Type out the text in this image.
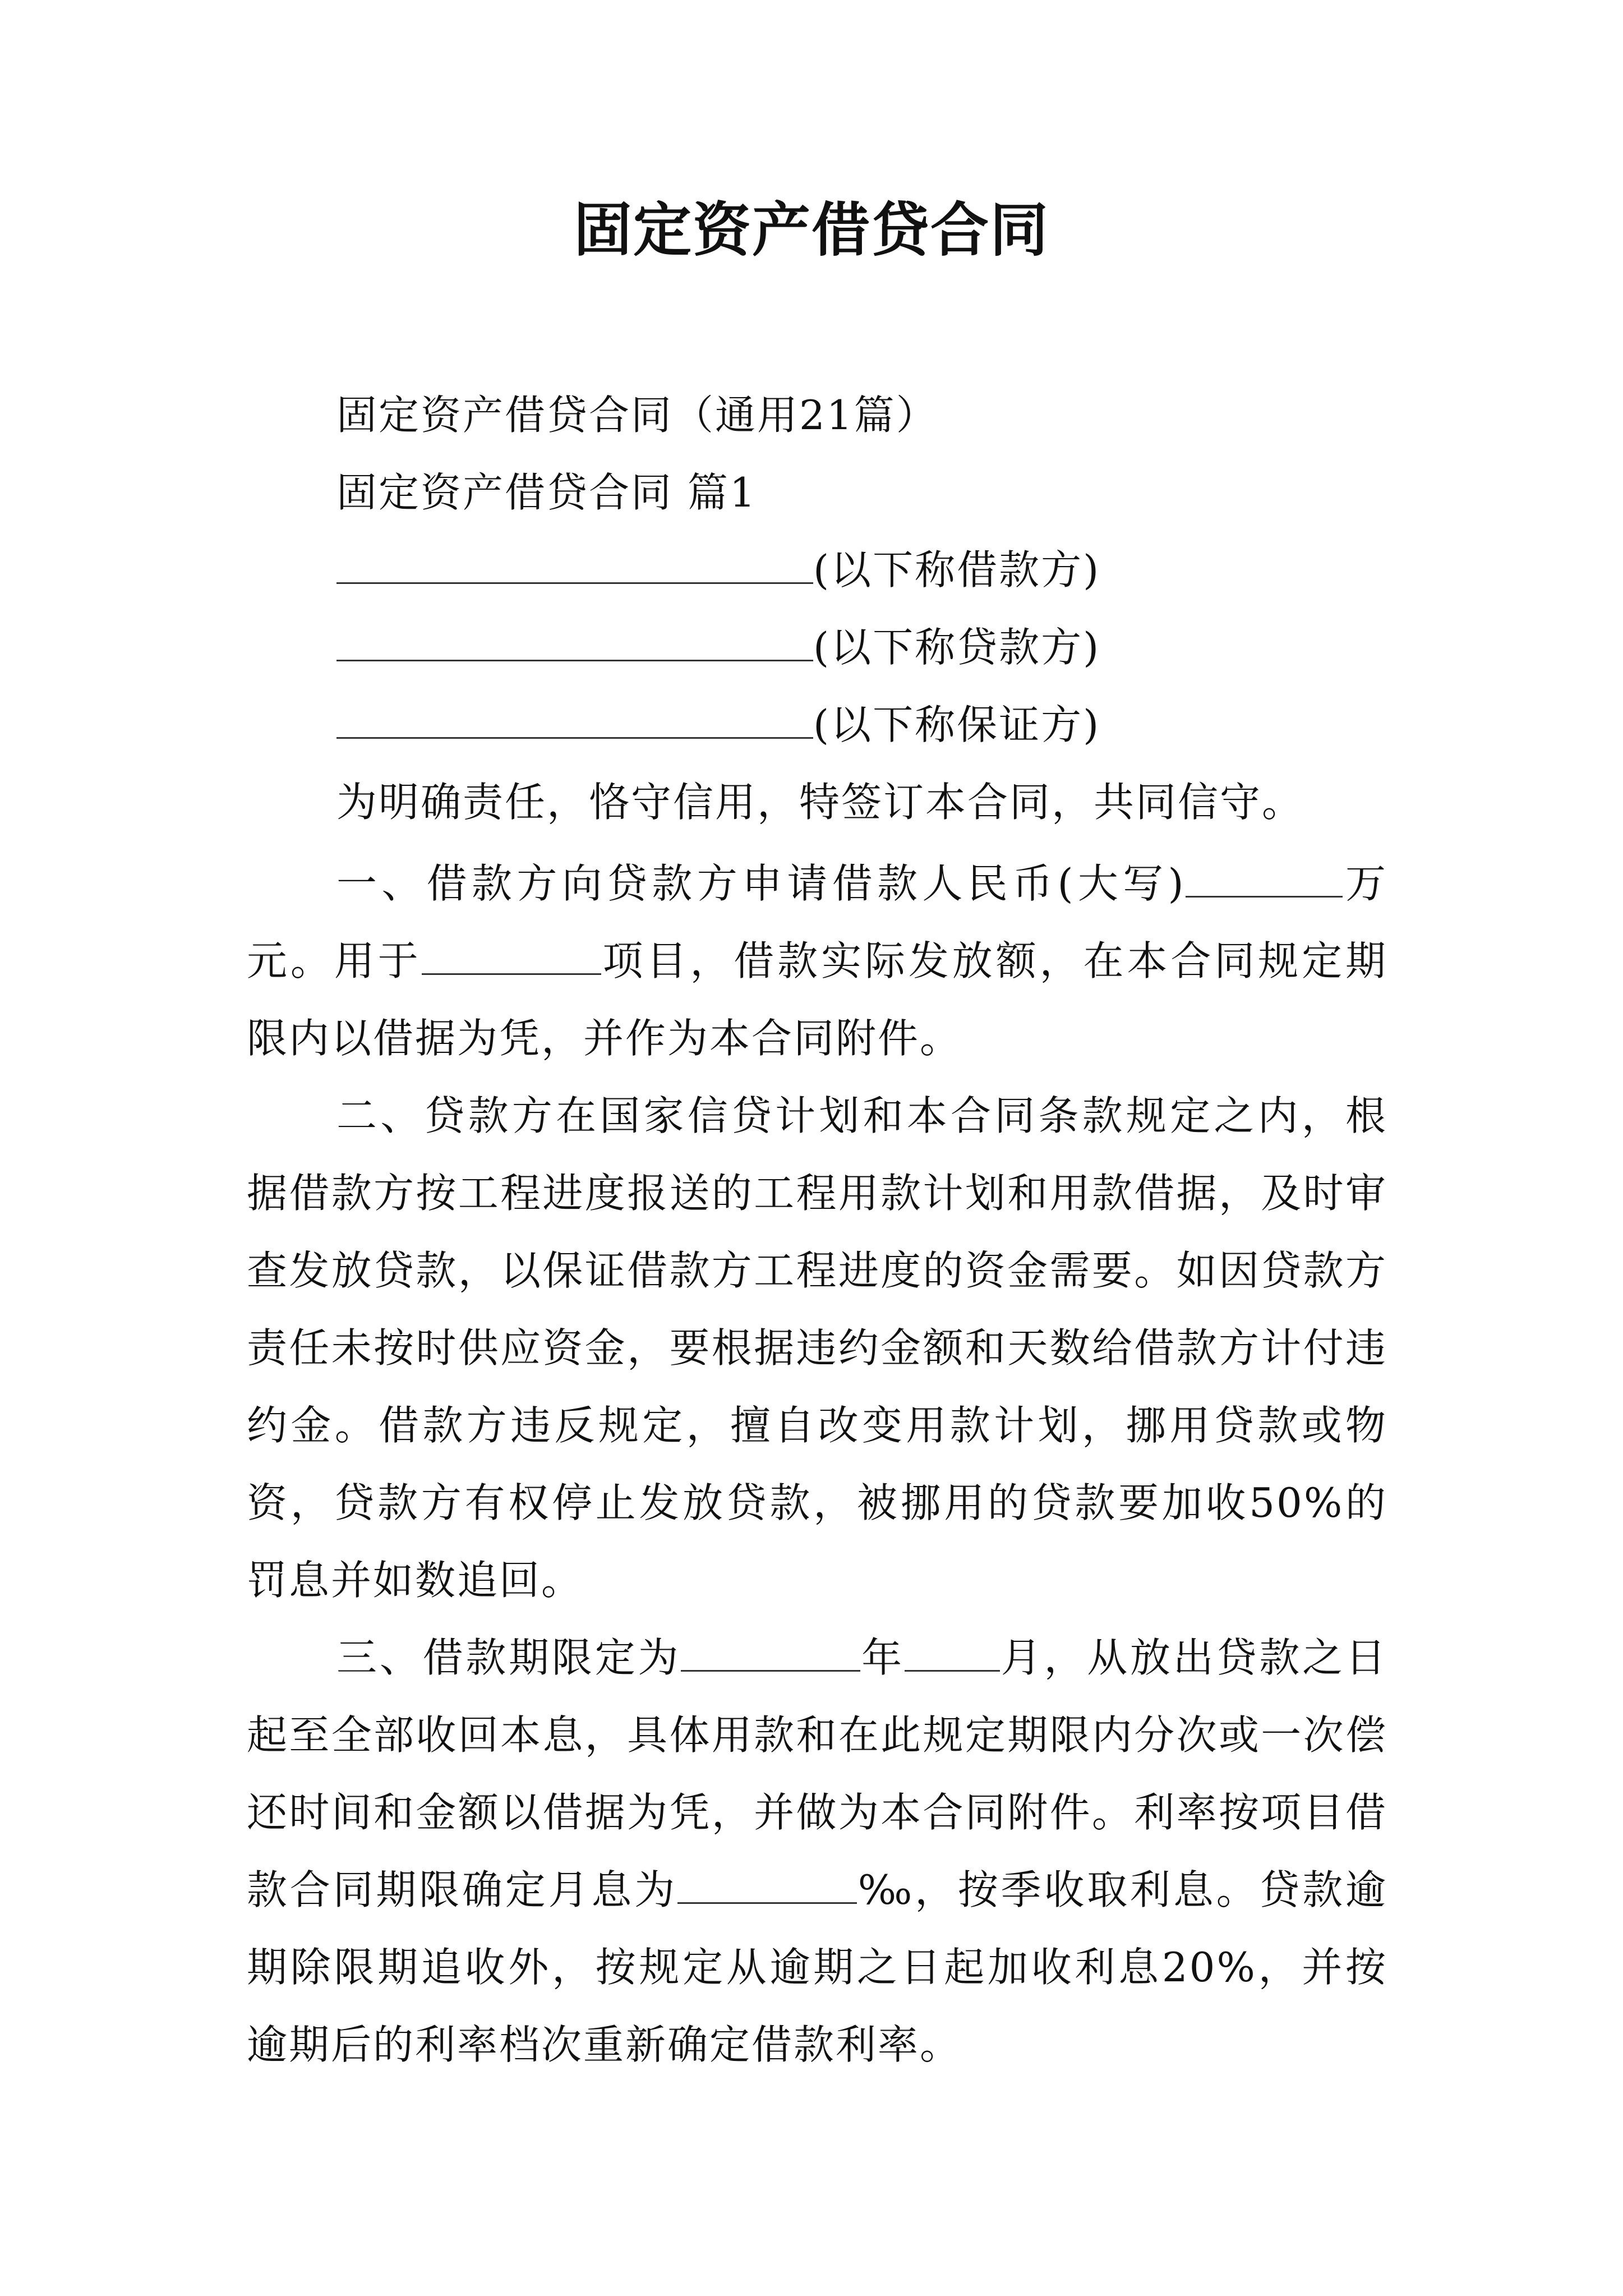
固定资产借贷合同
固定资产借贷合同（通用21篇）
固定资产借贷合同 篇1
(以下称借款方)
(以下称贷款方)
(以下称保证方)
为明确责任，恪守信用，特签订本合同，共同信守。

一、借款方向贷款方申请借款人民币(大写)	万元。用于	项目，借款实际发放额，在本合同规定期限内以借据为凭，并作为本合同附件。

二、贷款方在国家信贷计划和本合同条款规定之内，根据借款方按工程进度报送的工程用款计划和用款借据，及时审查发放贷款，以保证借款方工程进度的资金需要。如因贷款方责任未按时供应资金，要根据违约金额和天数给借款方计付违约金。借款方违反规定，擅自改变用款计划，挪用贷款或物资，贷款方有权停止发放贷款，被挪用的贷款要加收50%的罚息并如数追回。

三、借款期限定为	年 月，从放出贷款之日起至全部收回本息，具体用款和在此规定期限内分次或一次偿还时间和金额以借据为凭，并做为本合同附件。利率按项目借款合同期限确定月息为	‰，按季收取利息。贷款逾期除限期追收外，按规定从逾期之日起加收利息20%，并按逾期后的利率档次重新确定借款利率。
